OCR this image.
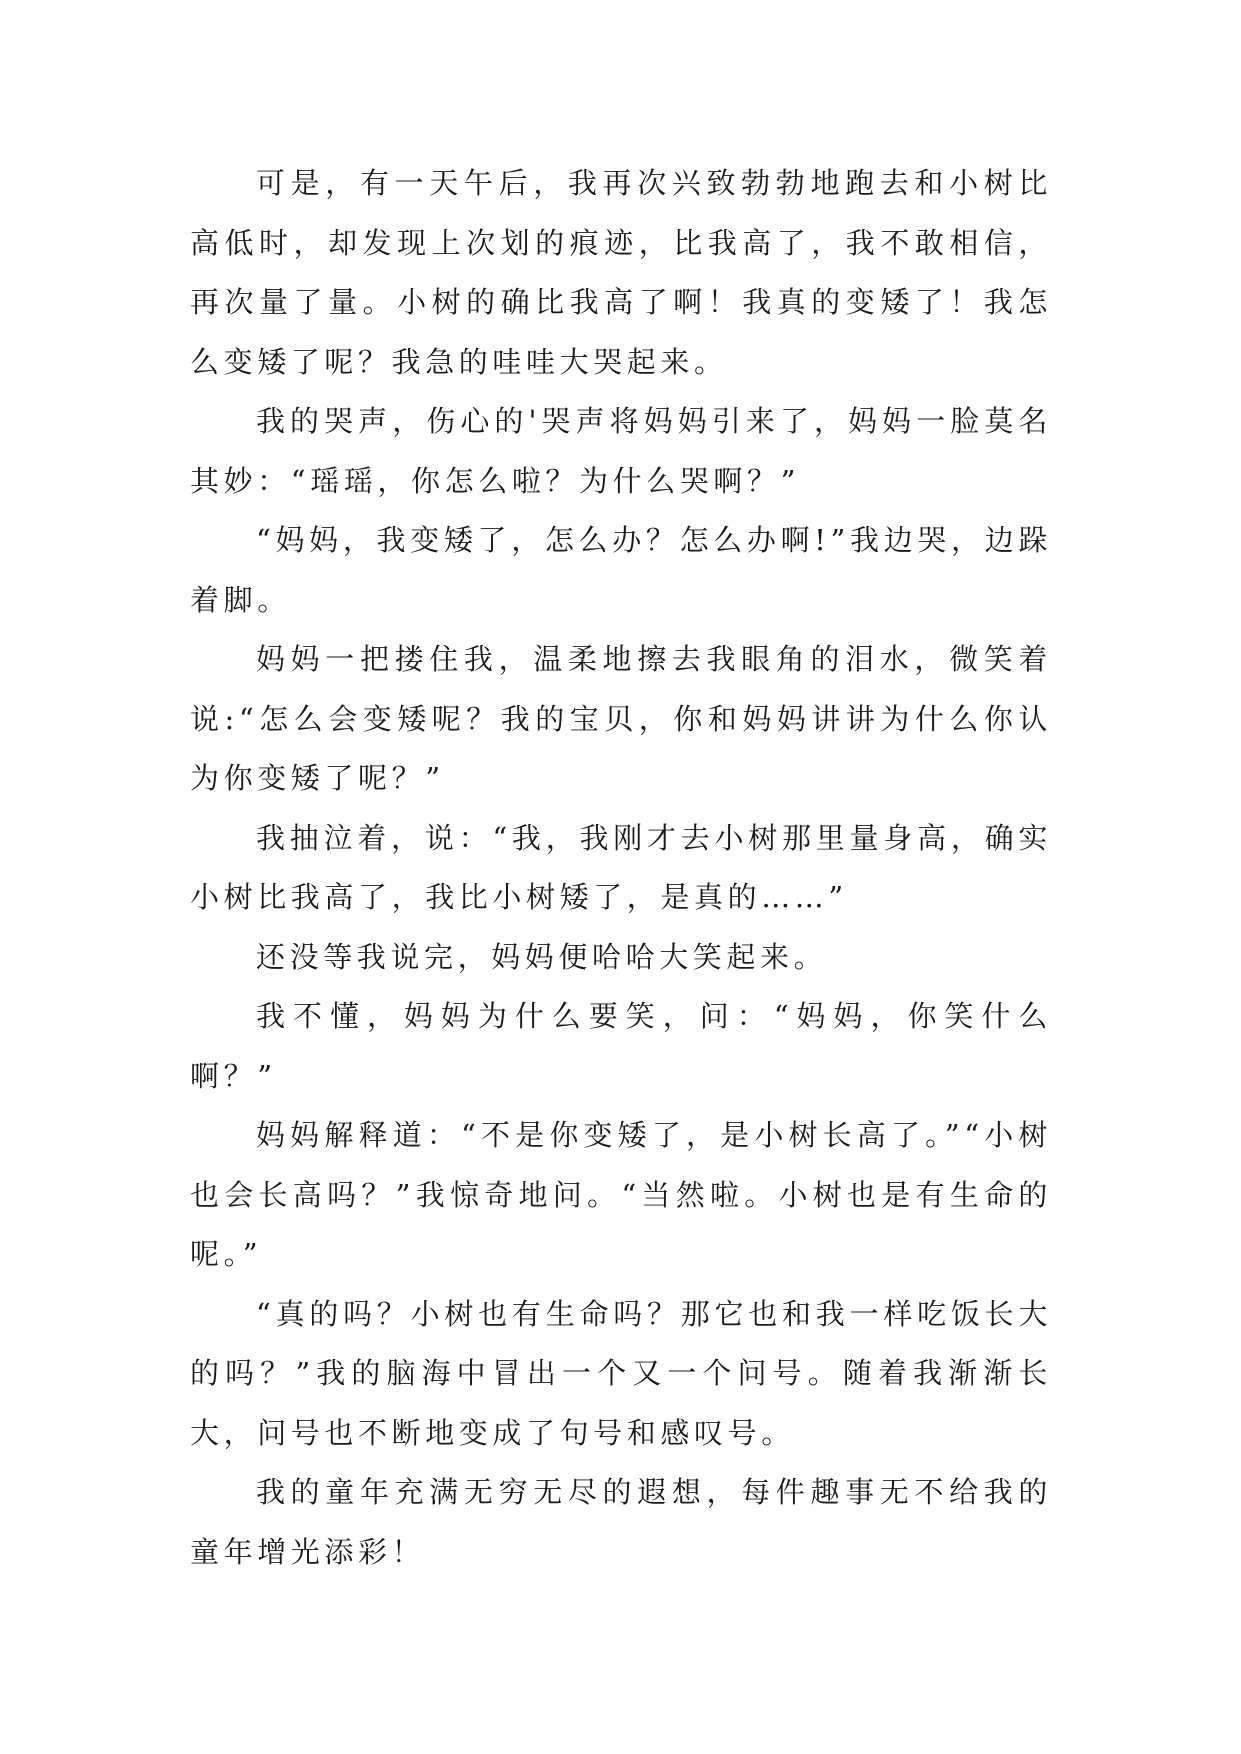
可是，有一天午后，我再次兴致勃勃地跑去和小树比高低时，却发现上次划的痕迹，比我高了，我不敢相信，再次量了量。小树的确比我高了啊！我真的变矮了！我怎么变矮了呢？我急的哇哇大哭起来。

我的哭声，伤心的'哭声将妈妈引来了，妈妈一脸莫名其妙：“瑶瑶，你怎么啦？为什么哭啊？”

“妈妈，我变矮了，怎么办？怎么办啊!”我边哭，边跺着脚。

妈妈一把搂住我，温柔地擦去我眼角的泪水，微笑着说:“怎么会变矮呢？我的宝贝，你和妈妈讲讲为什么你认为你变矮了呢？”

我抽泣着，说：“我，我刚才去小树那里量身高，确实小树比我高了，我比小树矮了，是真的……”

还没等我说完，妈妈便哈哈大笑起来。

我不懂，妈妈为什么要笑，问：“妈妈，你笑什么啊？”

妈妈解释道：“不是你变矮了，是小树长高了。”“小树也会长高吗？”我惊奇地问。“当然啦。小树也是有生命的呢。”

“真的吗？小树也有生命吗？那它也和我一样吃饭长大的吗？”我的脑海中冒出一个又一个问号。随着我渐渐长大，问号也不断地变成了句号和感叹号。

我的童年充满无穷无尽的遐想，每件趣事无不给我的童年增光添彩！
